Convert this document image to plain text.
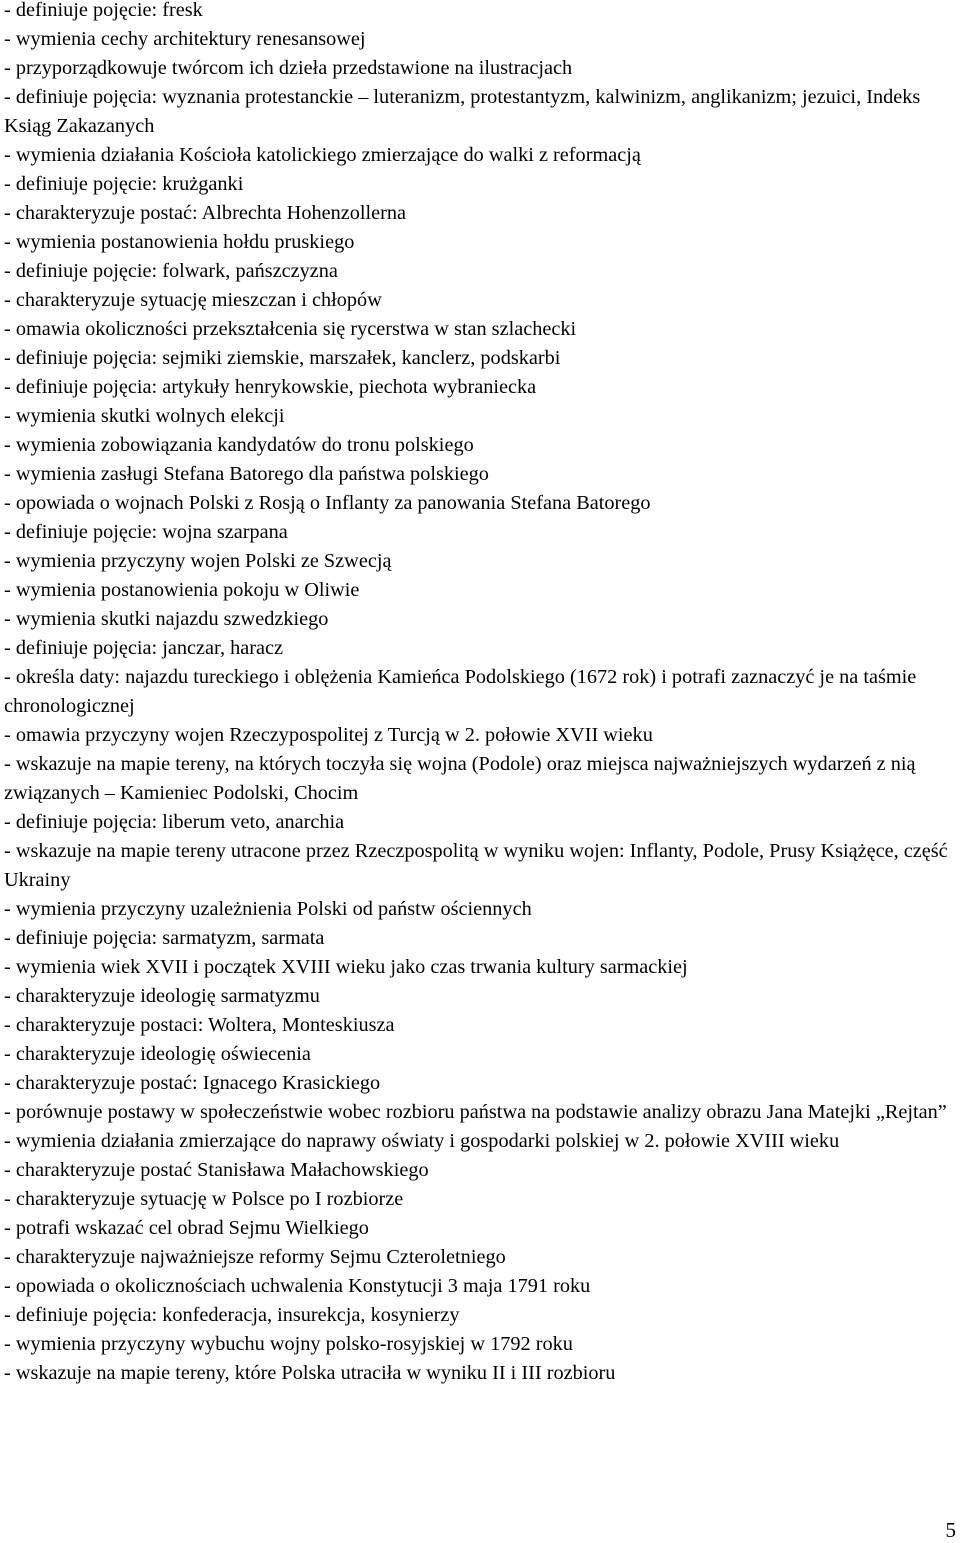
- definiuje pojęcie: fresk

- wymienia cechy architektury renesansowej

- przyporządkowuje twórcom ich dzieła przedstawione na ilustracjach

- definiuje pojęcia: wyznania protestanckie – luteranizm, protestantyzm, kalwinizm, anglikanizm; jezuici, Indeks Ksiąg Zakazanych

- wymienia działania Kościoła katolickiego zmierzające do walki z reformacją

- definiuje pojęcie: krużganki

- charakteryzuje postać: Albrechta Hohenzollerna

- wymienia postanowienia hołdu pruskiego

- definiuje pojęcie: folwark, pańszczyzna

- charakteryzuje sytuację mieszczan i chłopów

- omawia okoliczności przekształcenia się rycerstwa w stan szlachecki

- definiuje pojęcia: sejmiki ziemskie, marszałek, kanclerz, podskarbi

- definiuje pojęcia: artykuły henrykowskie, piechota wybraniecka

- wymienia skutki wolnych elekcji

- wymienia zobowiązania kandydatów do tronu polskiego

- wymienia zasługi Stefana Batorego dla państwa polskiego

- opowiada o wojnach Polski z Rosją o Inflanty za panowania Stefana Batorego

- definiuje pojęcie: wojna szarpana

- wymienia przyczyny wojen Polski ze Szwecją

- wymienia postanowienia pokoju w Oliwie

- wymienia skutki najazdu szwedzkiego

- definiuje pojęcia: janczar, haracz

- określa daty: najazdu tureckiego i oblężenia Kamieńca Podolskiego (1672 rok) i potrafi zaznaczyć je na taśmie chronologicznej

- omawia przyczyny wojen Rzeczypospolitej z Turcją w 2. połowie XVII wieku

- wskazuje na mapie tereny, na których toczyła się wojna (Podole) oraz miejsca najważniejszych wydarzeń z nią związanych – Kamieniec Podolski, Chocim

- definiuje pojęcia: liberum veto, anarchia

- wskazuje na mapie tereny utracone przez Rzeczpospolitą w wyniku wojen: Inflanty, Podole, Prusy Książęce, część Ukrainy

- wymienia przyczyny uzależnienia Polski od państw ościennych

- definiuje pojęcia: sarmatyzm, sarmata

- wymienia wiek XVII i początek XVIII wieku jako czas trwania kultury sarmackiej

- charakteryzuje ideologię sarmatyzmu

- charakteryzuje postaci: Woltera, Monteskiusza

- charakteryzuje ideologię oświecenia

- charakteryzuje postać: Ignacego Krasickiego

- porównuje postawy w społeczeństwie wobec rozbioru państwa na podstawie analizy obrazu Jana Matejki „Rejtan”

- wymienia działania zmierzające do naprawy oświaty i gospodarki polskiej w 2. połowie XVIII wieku

- charakteryzuje postać Stanisława Małachowskiego

- charakteryzuje sytuację w Polsce po I rozbiorze

- potrafi wskazać cel obrad Sejmu Wielkiego

- charakteryzuje najważniejsze reformy Sejmu Czteroletniego

- opowiada o okolicznościach uchwalenia Konstytucji 3 maja 1791 roku

- definiuje pojęcia: konfederacja, insurekcja, kosynierzy

- wymienia przyczyny wybuchu wojny polsko-rosyjskiej w 1792 roku

- wskazuje na mapie tereny, które Polska utraciła w wyniku II i III rozbioru

5
